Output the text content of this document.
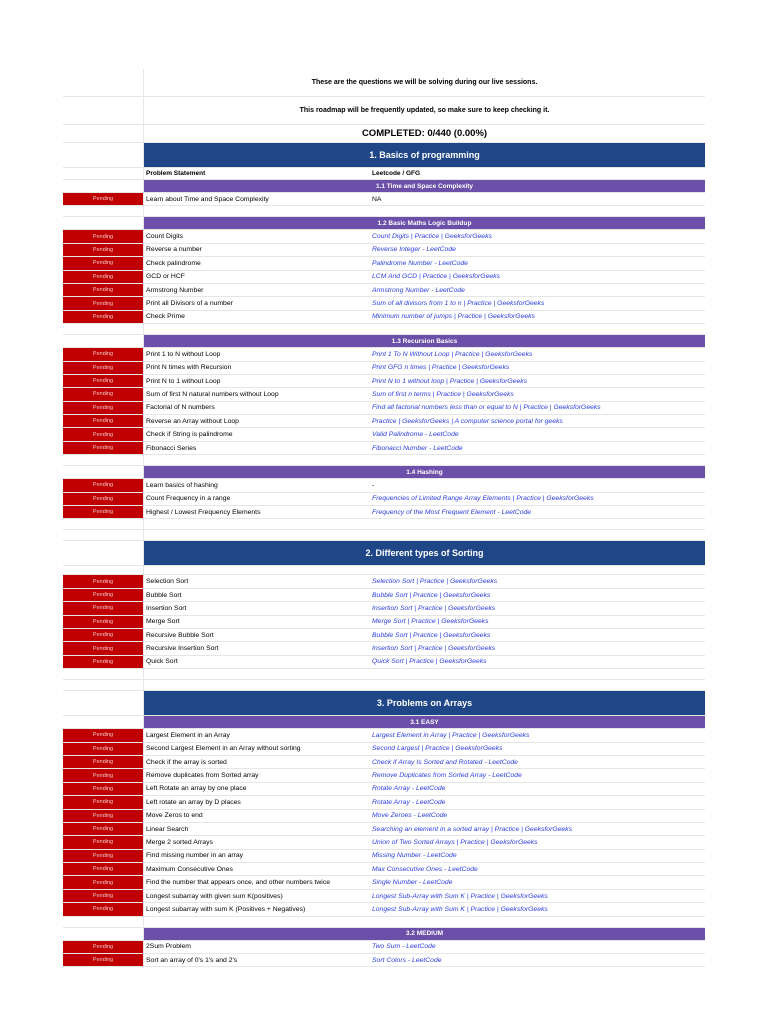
These are the questions we will be solving during our live sessions.
This roadmap will be frequently updated, so make sure to keep checking it.
COMPLETED: 0/440 (0.00%)
1. Basics of programming
Problem Statement	Leetcode / GFG
1.1 Time and Space Complexity
Pending	Learn about Time and Space Complexity	NA
1.2 Basic Maths Logic Buildup
Pending	Count Digits	Count Digits | Practice | GeeksforGeeks
Pending	Reverse a number	Reverse Integer - LeetCode
Pending	Check palindrome	Palindrome Number - LeetCode
Pending	GCD or HCF	LCM And GCD | Practice | GeeksforGeeks
Pending	Armstrong Number	Armstrong Number - LeetCode
Pending	Print all Divisors of a number	Sum of all divisors from 1 to n | Practice | GeeksforGeeks
Pending	Check Prime	Minimum number of jumps | Practice | GeeksforGeeks
1.3 Recursion Basics
Pending	Print 1 to N without Loop	Print 1 To N Without Loop | Practice | GeeksforGeeks
Pending	Print N times with Recursion	Print GFG n times | Practice | GeeksforGeeks
Pending	Print N to 1 without Loop	Print N to 1 without loop | Practice | GeeksforGeeks
Pending	Sum of first N natural numbers without Loop	Sum of first n terms | Practice | GeeksforGeeks
Pending	Factorial of N numbers	Find all factorial numbers less than or equal to N | Practice | GeeksforGeeks
Pending	Reverse an Array without Loop	Practice | GeeksforGeeks | A computer science portal for geeks
Pending	Check if String is palindrome	Valid Palindrome - LeetCode
Pending	Fibonacci Series	Fibonacci Number - LeetCode
1.4 Hashing
Pending	Learn basics of hashing	-
Pending	Count Frequency in a range	Frequencies of Limited Range Array Elements | Practice | GeeksforGeeks
Pending	Highest / Lowest Frequency Elements	Frequency of the Most Frequent Element - LeetCode
2. Different types of Sorting
Pending	Selection Sort	Selection Sort | Practice | GeeksforGeeks
Pending	Bubble Sort	Bubble Sort | Practice | GeeksforGeeks
Pending	Insertion Sort	Insertion Sort | Practice | GeeksforGeeks
Pending	Merge Sort	Merge Sort | Practice | GeeksforGeeks
Pending	Recursive Bubble Sort	Bubble Sort | Practice | GeeksforGeeks
Pending	Recursive Insertion Sort	Insertion Sort | Practice | GeeksforGeeks
Pending	Quick Sort	Quick Sort | Practice | GeeksforGeeks
3. Problems on Arrays
3.1 EASY
Pending	Largest Element in an Array	Largest Element in Array | Practice | GeeksforGeeks
Pending	Second Largest Element in an Array without sorting	Second Largest | Practice | GeeksforGeeks
Pending	Check if the array is sorted	Check if Array Is Sorted and Rotated - LeetCode
Pending	Remove duplicates from Sorted array	Remove Duplicates from Sorted Array - LeetCode
Pending	Left Rotate an array by one place	Rotate Array - LeetCode
Pending	Left rotate an array by D places	Rotate Array - LeetCode
Pending	Move Zeros to end	Move Zeroes - LeetCode
Pending	Linear Search	Searching an element in a sorted array | Practice | GeeksforGeeks
Pending	Merge 2 sorted Arrays	Union of Two Sorted Arrays | Practice | GeeksforGeeks
Pending	Find missing number in an array	Missing Number - LeetCode
Pending	Maximum Consecutive Ones	Max Consecutive Ones - LeetCode
Pending	Find the number that appears once, and other numbers twice	Single Number - LeetCode
Pending	Longest subarray with given sum K(positives)	Longest Sub-Array with Sum K | Practice | GeeksforGeeks
Pending	Longest subarray with sum K (Positives + Negatives)	Longest Sub-Array with Sum K | Practice | GeeksforGeeks
3.2 MEDIUM
Pending	2Sum Problem	Two Sum - LeetCode
Pending	Sort an array of 0's 1's and 2's	Sort Colors - LeetCode
